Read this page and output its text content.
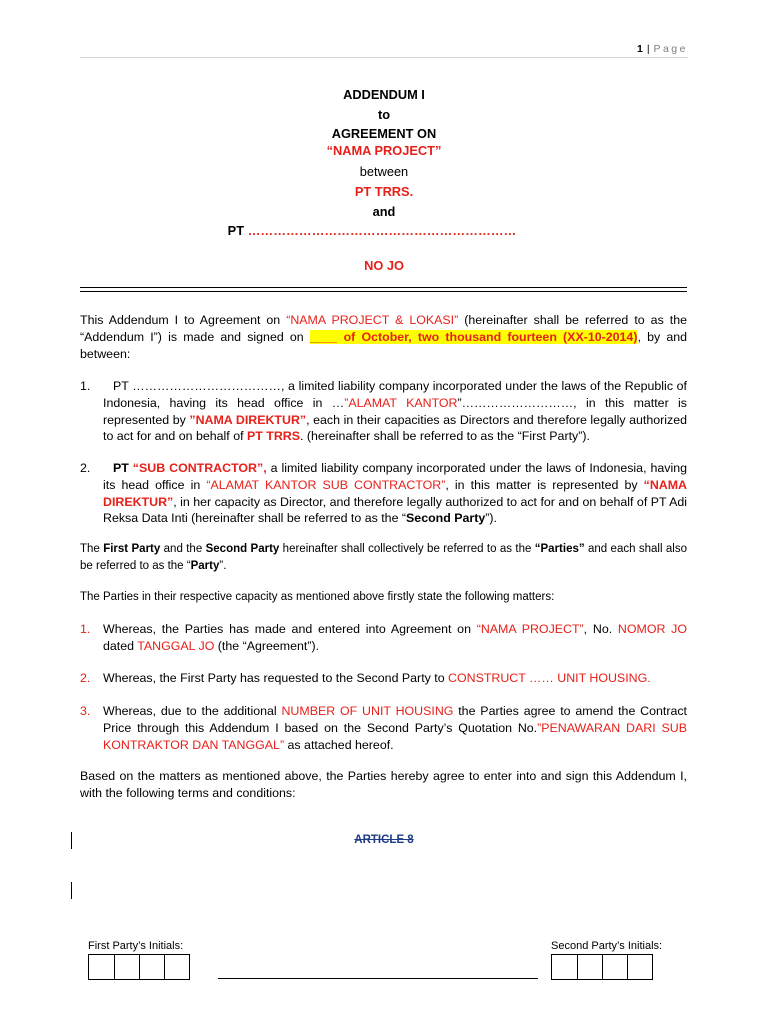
1 | Page
ADDENDUM I
to
AGREEMENT ON
“NAMA PROJECT”
between
PT TRRS.
and
PT ………………………………………………………
NO JO
This Addendum I to Agreement on “NAMA PROJECT & LOKASI” (hereinafter shall be referred to as the “Addendum I”) is made and signed on ____ of October, two thousand fourteen (XX-10-2014), by and between:
1.	PT ………………………………, a limited liability company incorporated under the laws of the Republic of Indonesia, having its head office in …”ALAMAT KANTOR”………………………, in this matter is represented by ”NAMA DIREKTUR”, each in their capacities as Directors and therefore legally authorized to act for and on behalf of PT TRRS. (hereinafter shall be referred to as the “First Party”).
2.	PT “SUB CONTRACTOR”, a limited liability company incorporated under the laws of Indonesia, having its head office in “ALAMAT KANTOR SUB CONTRACTOR”, in this matter is represented by “NAMA DIREKTUR”, in her capacity as Director, and therefore legally authorized to act for and on behalf of PT Adi Reksa Data Inti (hereinafter shall be referred to as the “Second Party”).
The First Party and the Second Party hereinafter shall collectively be referred to as the “Parties” and each shall also be referred to as the “Party”.
The Parties in their respective capacity as mentioned above firstly state the following matters:
1. Whereas, the Parties has made and entered into Agreement on “NAMA PROJECT”, No. NOMOR JO dated TANGGAL JO (the “Agreement”).
2. Whereas, the First Party has requested to the Second Party to CONSTRUCT …… UNIT HOUSING.
3. Whereas, due to the additional NUMBER OF UNIT HOUSING the Parties agree to amend the Contract Price through this Addendum I based on the Second Party’s Quotation No.”PENAWARAN DARI SUB KONTRAKTOR DAN TANGGAL” as attached hereof.
Based on the matters as mentioned above, the Parties hereby agree to enter into and sign this Addendum I, with the following terms and conditions:
ARTICLE 8
First Party’s Initials:	Second Party’s Initials:
